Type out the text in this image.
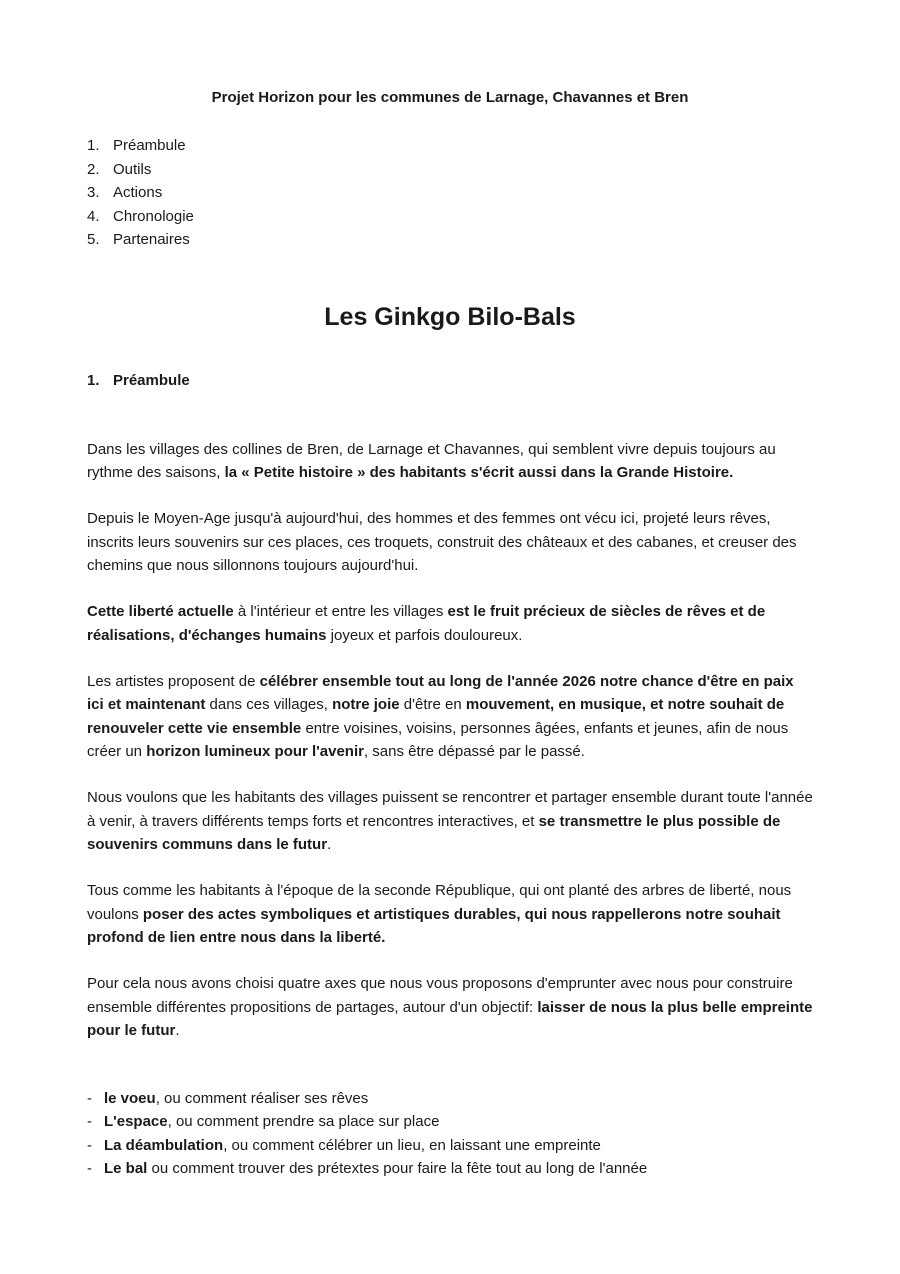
Projet Horizon pour les communes de Larnage, Chavannes et Bren
1. Préambule
2. Outils
3. Actions
4. Chronologie
5. Partenaires
Les Ginkgo Bilo-Bals
1. Préambule

Dans les villages des collines de Bren, de Larnage et Chavannes, qui semblent vivre depuis toujours au rythme des saisons, la « Petite histoire » des habitants s'écrit aussi dans la Grande Histoire.

Depuis le Moyen-Age jusqu'à aujourd'hui, des hommes et des femmes ont vécu ici, projeté leurs rêves, inscrits leurs souvenirs sur ces places, ces troquets, construit des châteaux et des cabanes, et creuser des chemins que nous sillonnons toujours aujourd'hui.

Cette liberté actuelle à l'intérieur et entre les villages est le fruit précieux de siècles de rêves et de réalisations, d'échanges humains joyeux et parfois douloureux.

Les artistes proposent de célébrer ensemble tout au long de l'année 2026 notre chance d'être en paix ici et maintenant dans ces villages, notre joie d'être en mouvement, en musique, et notre souhait de renouveler cette vie ensemble entre voisines, voisins, personnes âgées, enfants et jeunes, afin de nous créer un horizon lumineux pour l'avenir, sans être dépassé par le passé.

Nous voulons que les habitants des villages puissent se rencontrer et partager ensemble durant toute l'année à venir, à travers différents temps forts et rencontres interactives, et se transmettre le plus possible de souvenirs communs dans le futur.

Tous comme les habitants à l'époque de la seconde République, qui ont planté des arbres de liberté, nous voulons poser des actes symboliques et artistiques durables, qui nous rappellerons notre souhait profond de lien entre nous dans la liberté.

Pour cela nous avons choisi quatre axes que nous vous proposons d'emprunter avec nous pour construire ensemble différentes propositions de partages, autour d'un objectif: laisser de nous la plus belle empreinte pour le futur.

- le voeu, ou comment réaliser ses rêves
- L'espace, ou comment prendre sa place sur place
- La déambulation, ou comment célébrer un lieu, en laissant une empreinte
- Le bal ou comment trouver des prétextes pour faire la fête tout au long de l'année
